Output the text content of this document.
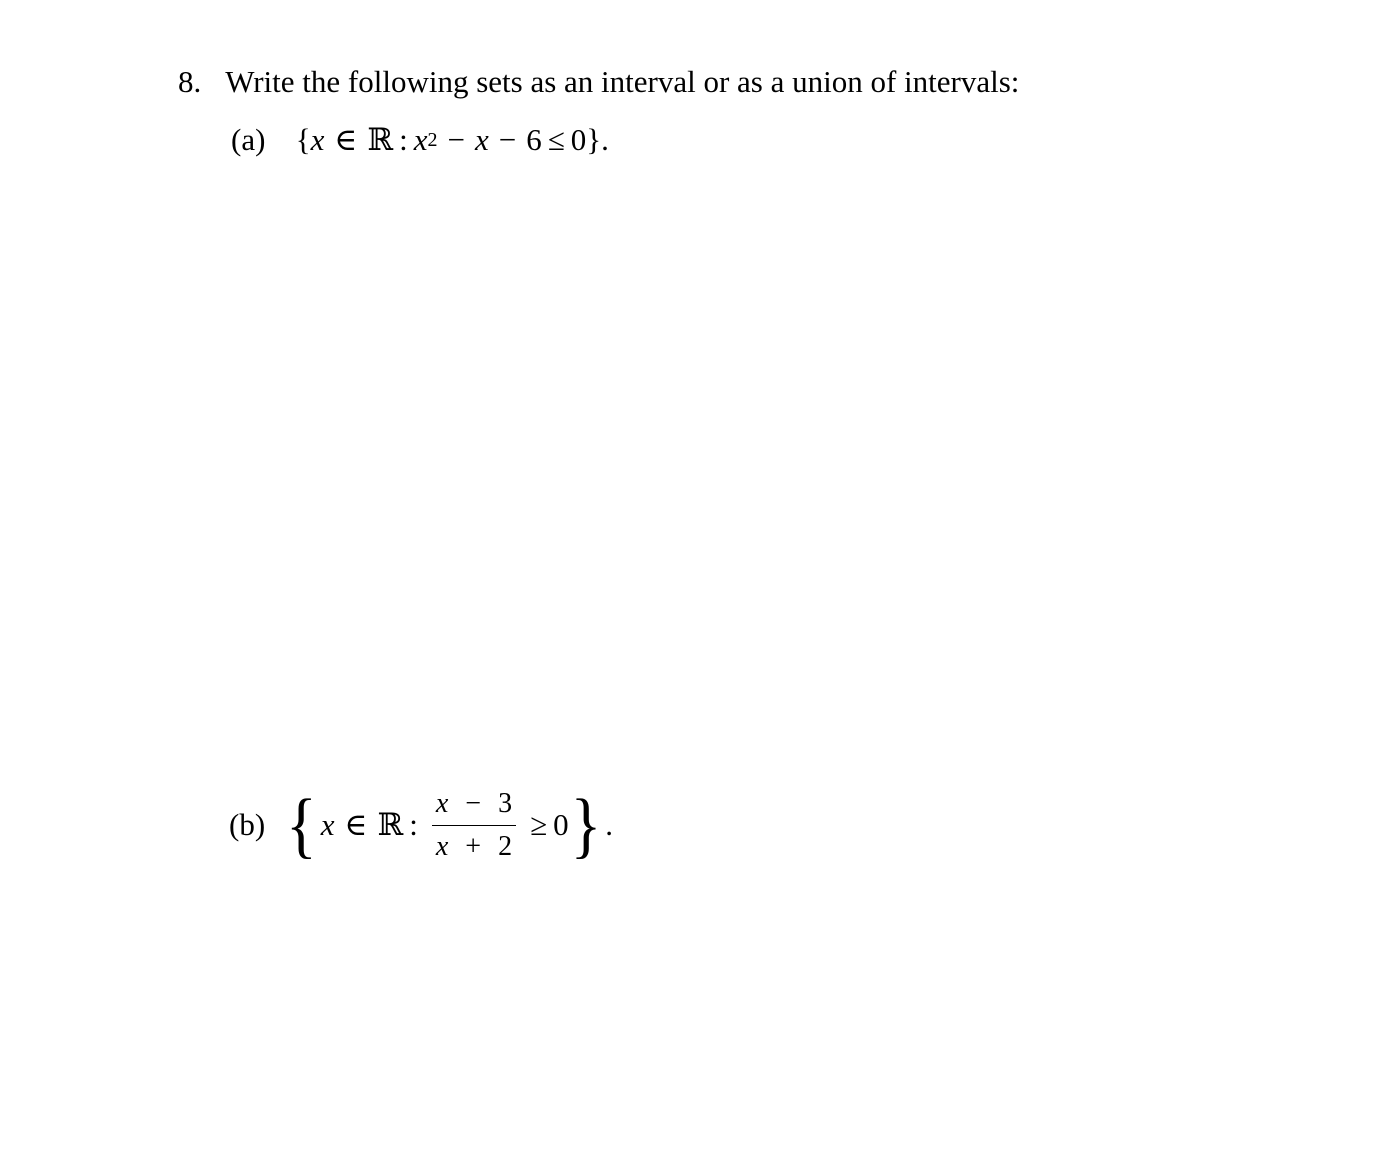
8. Write the following sets as an interval or as a union of intervals:
(a) { x ∈ ℝ : x 2 − x − 6 ≤ 0 }.
(b) { x ∈ ℝ : $\frac{x - 3}{x + 2} \ge 0$ } .
